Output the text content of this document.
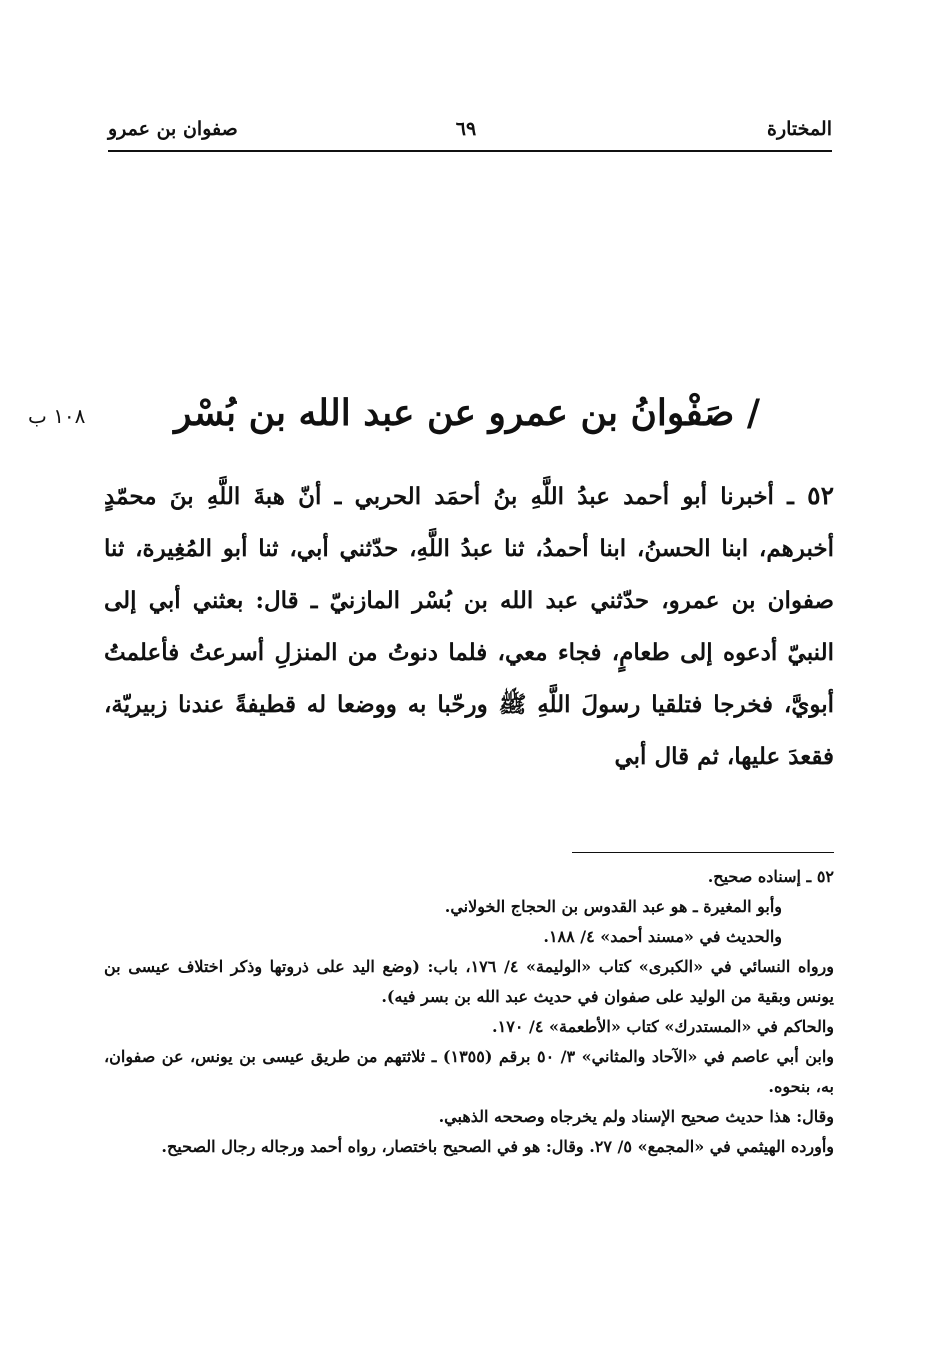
المختارة
٦٩
صفوان بن عمرو
١٠٨ ب	/ صَفْوانُ بن عمرو عن عبد الله بن بُسْر
٥٢ ـ أخبرنا أبو أحمد عبدُ اللَّهِ بنُ أحمَد الحربي ـ أنّ هبةَ اللَّهِ بنَ محمّدٍ أخبرهم، ابنا الحسنُ، ابنا أحمدُ، ثنا عبدُ اللَّهِ، حدّثني أبي، ثنا أبو المُغِيرة، ثنا صفوان بن عمرو، حدّثني عبد الله بن بُسْر المازنيّ ـ قال: بعثني أبي إلى النبيّ أدعوه إلى طعامٍ، فجاء معي، فلما دنوتُ من المنزلِ أسرعتُ فأعلمتُ أبويَّ، فخرجا فتلقيا رسولَ اللَّهِ ﷺ ورحّبا به ووضعا له قطيفةً عندنا زبيريّة، فقعدَ عليها، ثم قال أبي

٥٢ ـ إسناده صحيح.

وأبو المغيرة ـ هو عبد القدوس بن الحجاج الخولاني.

والحديث في «مسند أحمد» ٤/ ١٨٨.

ورواه النسائي في «الكبرى» كتاب «الوليمة» ٤/ ١٧٦، باب: (وضع اليد على ذروتها وذكر اختلاف عيسى بن يونس وبقية من الوليد على صفوان في حديث عبد الله بن بسر فيه).

والحاكم في «المستدرك» كتاب «الأطعمة» ٤/ ١٧٠.

وابن أبي عاصم في «الآحاد والمثاني» ٣/ ٥٠ برقم (١٣٥٥) ـ ثلاثتهم من طريق عيسى بن يونس، عن صفوان، به، بنحوه.

وقال: هذا حديث صحيح الإسناد ولم يخرجاه وصححه الذهبي.

وأورده الهيثمي في «المجمع» ٥/ ٢٧. وقال: هو في الصحيح باختصار، رواه أحمد ورجاله رجال الصحيح.
